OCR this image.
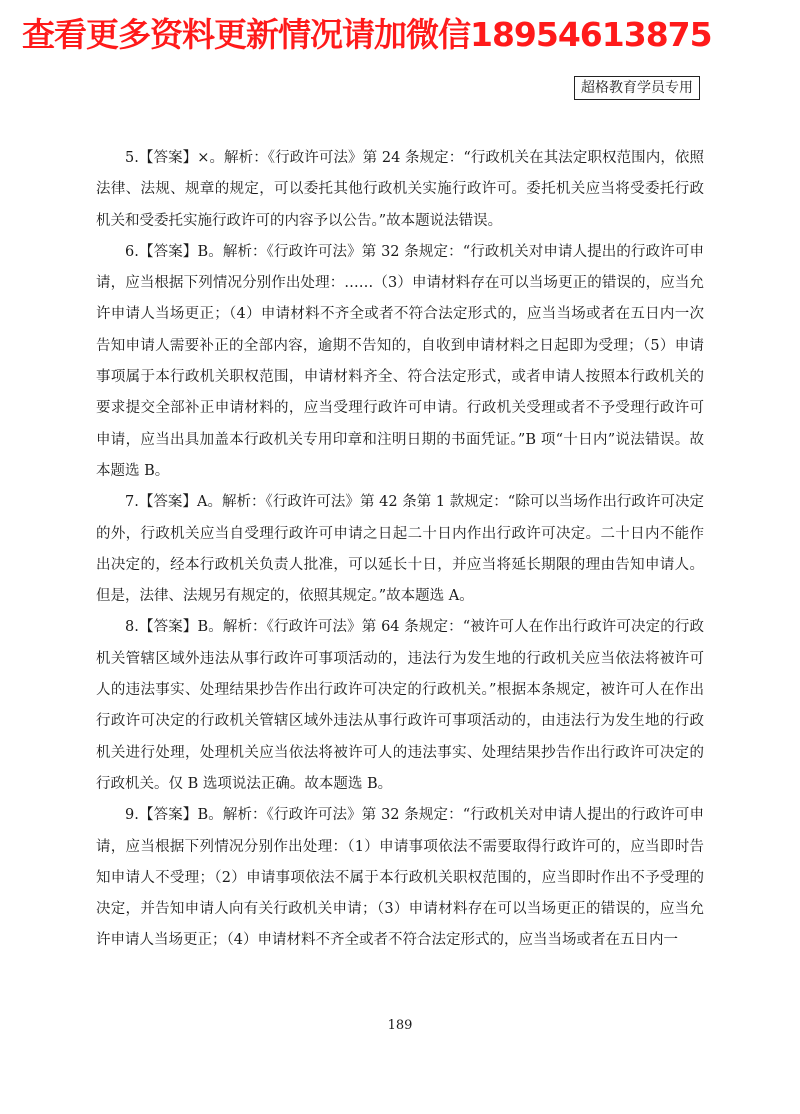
查看更多资料更新情况请加微信18954613875
超格教育学员专用

5.【答案】×。解析：《行政许可法》第 24 条规定：“行政机关在其法定职权范围内，依照法律、法规、规章的规定，可以委托其他行政机关实施行政许可。委托机关应当将受委托行政机关和受委托实施行政许可的内容予以公告。”故本题说法错误。

6.【答案】B。解析：《行政许可法》第 32 条规定：“行政机关对申请人提出的行政许可申请，应当根据下列情况分别作出处理：……（3）申请材料存在可以当场更正的错误的，应当允许申请人当场更正；（4）申请材料不齐全或者不符合法定形式的，应当当场或者在五日内一次告知申请人需要补正的全部内容，逾期不告知的，自收到申请材料之日起即为受理；（5）申请事项属于本行政机关职权范围，申请材料齐全、符合法定形式，或者申请人按照本行政机关的要求提交全部补正申请材料的，应当受理行政许可申请。行政机关受理或者不予受理行政许可申请，应当出具加盖本行政机关专用印章和注明日期的书面凭证。”B 项“十日内”说法错误。故本题选 B。

7.【答案】A。解析：《行政许可法》第 42 条第 1 款规定：“除可以当场作出行政许可决定的外，行政机关应当自受理行政许可申请之日起二十日内作出行政许可决定。二十日内不能作出决定的，经本行政机关负责人批准，可以延长十日，并应当将延长期限的理由告知申请人。但是，法律、法规另有规定的，依照其规定。”故本题选 A。

8.【答案】B。解析：《行政许可法》第 64 条规定：“被许可人在作出行政许可决定的行政机关管辖区域外违法从事行政许可事项活动的，违法行为发生地的行政机关应当依法将被许可人的违法事实、处理结果抄告作出行政许可决定的行政机关。”根据本条规定，被许可人在作出行政许可决定的行政机关管辖区域外违法从事行政许可事项活动的，由违法行为发生地的行政机关进行处理，处理机关应当依法将被许可人的违法事实、处理结果抄告作出行政许可决定的行政机关。仅 B 选项说法正确。故本题选 B。

9.【答案】B。解析：《行政许可法》第 32 条规定：“行政机关对申请人提出的行政许可申请，应当根据下列情况分别作出处理：（1）申请事项依法不需要取得行政许可的，应当即时告知申请人不受理；（2）申请事项依法不属于本行政机关职权范围的，应当即时作出不予受理的决定，并告知申请人向有关行政机关申请；（3）申请材料存在可以当场更正的错误的，应当允许申请人当场更正；（4）申请材料不齐全或者不符合法定形式的，应当当场或者在五日内一

189
